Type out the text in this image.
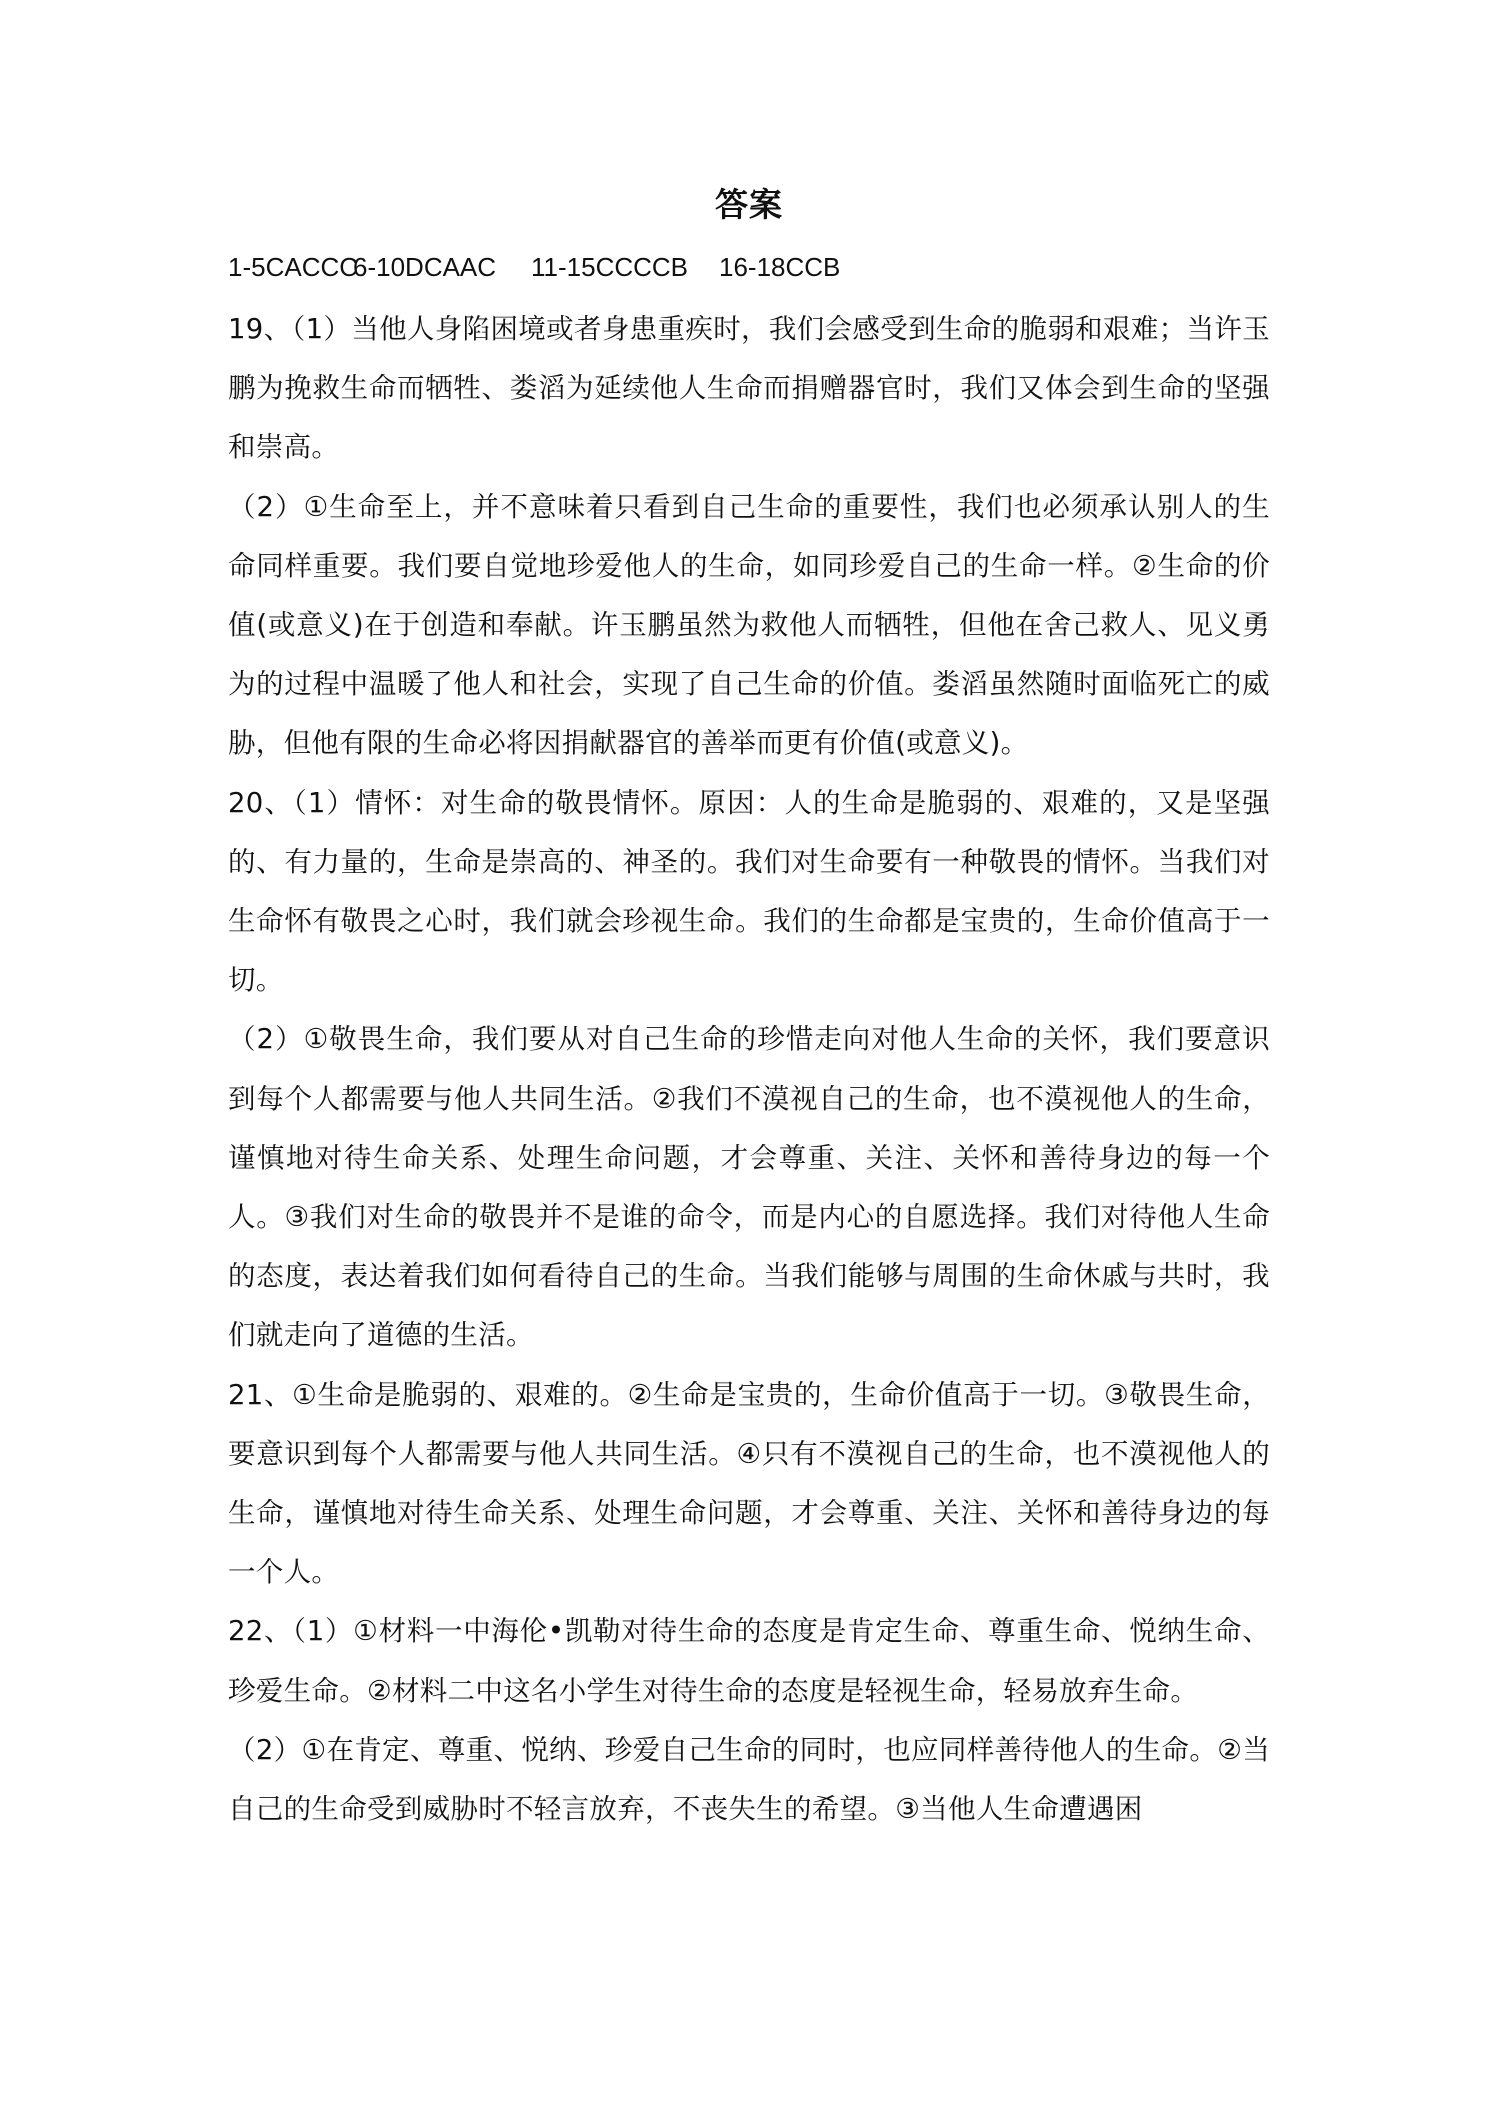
答案
1-5CACCC6-10DCAAC 11-15CCCCB 16-18CCB

19、（1）当他人身陷困境或者身患重疾时，我们会感受到生命的脆弱和艰难；当许玉鹏为挽救生命而牺牲、娄滔为延续他人生命而捐赠器官时，我们又体会到生命的坚强和崇高。

（2）①生命至上，并不意味着只看到自己生命的重要性，我们也必须承认别人的生命同样重要。我们要自觉地珍爱他人的生命，如同珍爱自己的生命一样。②生命的价值(或意义)在于创造和奉献。许玉鹏虽然为救他人而牺牲，但他在舍己救人、见义勇为的过程中温暖了他人和社会，实现了自己生命的价值。娄滔虽然随时面临死亡的威胁，但他有限的生命必将因捐献器官的善举而更有价值(或意义)。

20、（1）情怀：对生命的敬畏情怀。原因：人的生命是脆弱的、艰难的，又是坚强的、有力量的，生命是崇高的、神圣的。我们对生命要有一种敬畏的情怀。当我们对生命怀有敬畏之心时，我们就会珍视生命。我们的生命都是宝贵的，生命价值高于一切。

（2）①敬畏生命，我们要从对自己生命的珍惜走向对他人生命的关怀，我们要意识到每个人都需要与他人共同生活。②我们不漠视自己的生命，也不漠视他人的生命，谨慎地对待生命关系、处理生命问题，才会尊重、关注、关怀和善待身边的每一个人。③我们对生命的敬畏并不是谁的命令，而是内心的自愿选择。我们对待他人生命的态度，表达着我们如何看待自己的生命。当我们能够与周围的生命休戚与共时，我们就走向了道德的生活。

21、①生命是脆弱的、艰难的。②生命是宝贵的，生命价值高于一切。③敬畏生命，要意识到每个人都需要与他人共同生活。④只有不漠视自己的生命，也不漠视他人的生命，谨慎地对待生命关系、处理生命问题，才会尊重、关注、关怀和善待身边的每一个人。

22、（1）①材料一中海伦•凯勒对待生命的态度是肯定生命、尊重生命、悦纳生命、珍爱生命。②材料二中这名小学生对待生命的态度是轻视生命，轻易放弃生命。

（2）①在肯定、尊重、悦纳、珍爱自己生命的同时，也应同样善待他人的生命。②当自己的生命受到威胁时不轻言放弃，不丧失生的希望。③当他人生命遭遇困
